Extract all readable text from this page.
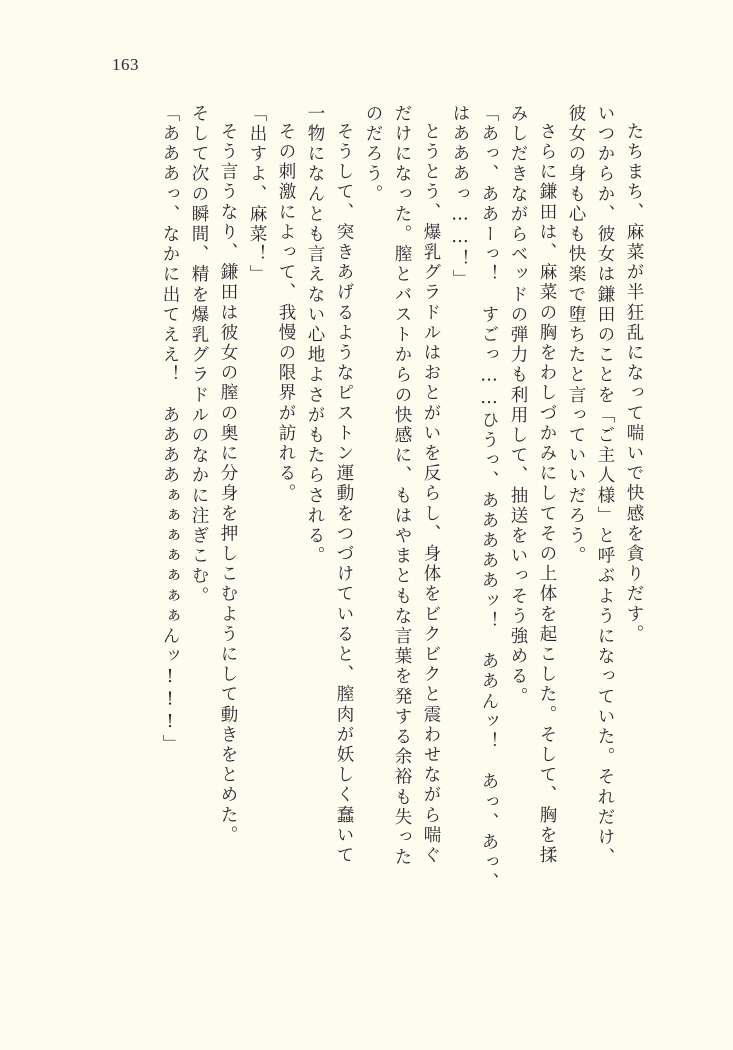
163
たちまち、麻菜が半狂乱になって喘いで快感を貪りだす。
いつからか、彼女は鎌田のことを「ご主人様」と呼ぶようになっていた。それだけ、
彼女の身も心も快楽で堕ちたと言っていいだろう。
さらに鎌田は、麻菜の胸をわしづかみにしてその上体を起こした。そして、胸を揉
みしだきながらベッドの弾力も利用して、抽送をいっそう強める。
「あっ、ああーっ！　すごっ……ひうっ、あああああッ！　ああんッ！　あっ、あっ、
はあああっ……！」
とうとう、爆乳グラドルはおとがいを反らし、身体をビクビクと震わせながら喘ぐ
だけになった。膣とバストからの快感に、もはやまともな言葉を発する余裕も失った
のだろう。
そうして、突きあげるようなピストン運動をつづけていると、膣肉が妖しく蠢いて
一物になんとも言えない心地よさがもたらされる。
その刺激によって、我慢の限界が訪れる。
「出すよ、麻菜！」
そう言うなり、鎌田は彼女の膣の奥に分身を押しこむようにして動きをとめた。
そして次の瞬間、精を爆乳グラドルのなかに注ぎこむ。
「あああっ、なかに出てええ！　ああああぁぁぁぁぁぁぁんッ!!!」
